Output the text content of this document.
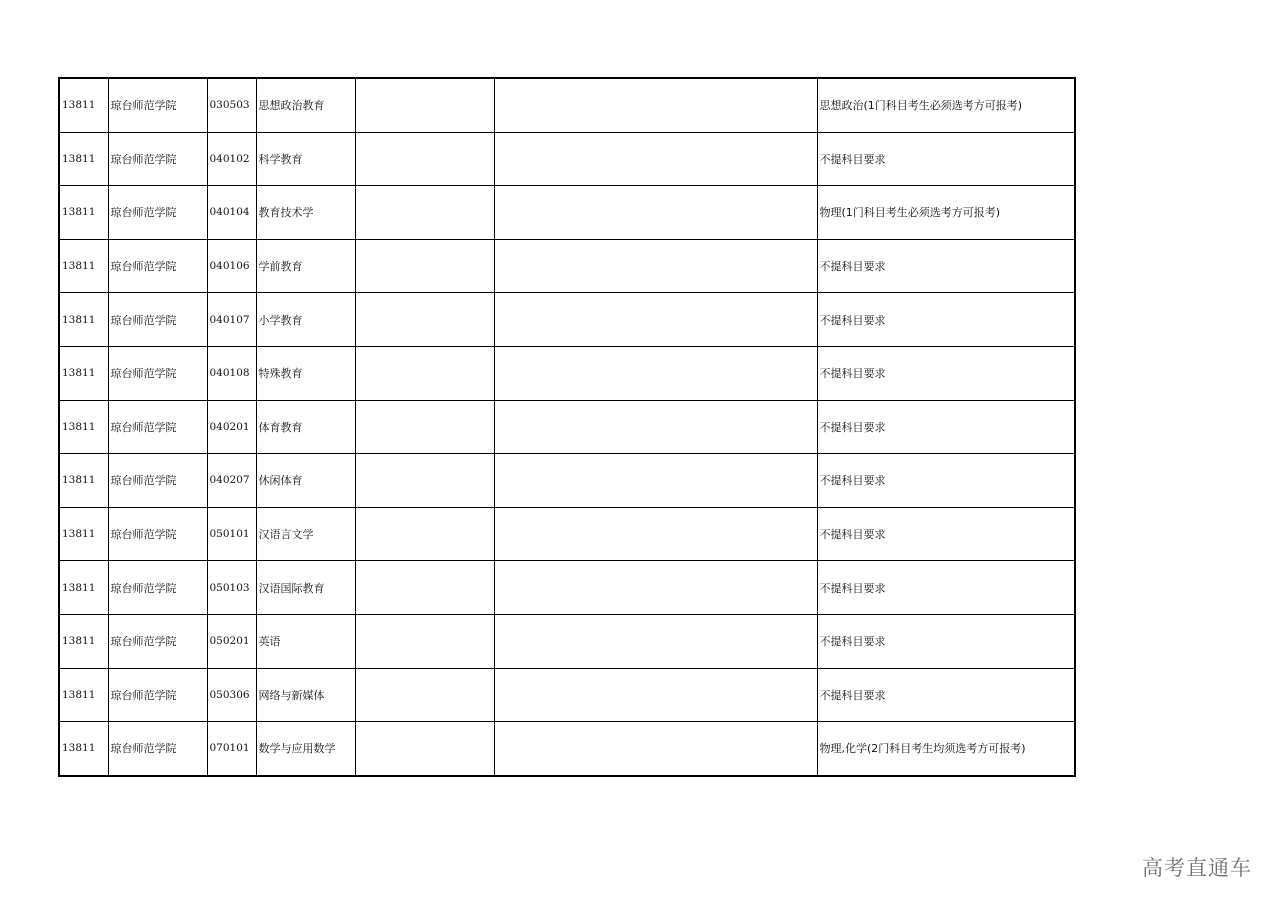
13811	琼台师范学院	030503	思想政治教育			思想政治(1门科目考生必须选考方可报考)
13811	琼台师范学院	040102	科学教育			不提科目要求
13811	琼台师范学院	040104	教育技术学			物理(1门科目考生必须选考方可报考)
13811	琼台师范学院	040106	学前教育			不提科目要求
13811	琼台师范学院	040107	小学教育			不提科目要求
13811	琼台师范学院	040108	特殊教育			不提科目要求
13811	琼台师范学院	040201	体育教育			不提科目要求
13811	琼台师范学院	040207	休闲体育			不提科目要求
13811	琼台师范学院	050101	汉语言文学			不提科目要求
13811	琼台师范学院	050103	汉语国际教育			不提科目要求
13811	琼台师范学院	050201	英语			不提科目要求
13811	琼台师范学院	050306	网络与新媒体			不提科目要求
13811	琼台师范学院	070101	数学与应用数学			物理,化学(2门科目考生均须选考方可报考)
高考直通车
